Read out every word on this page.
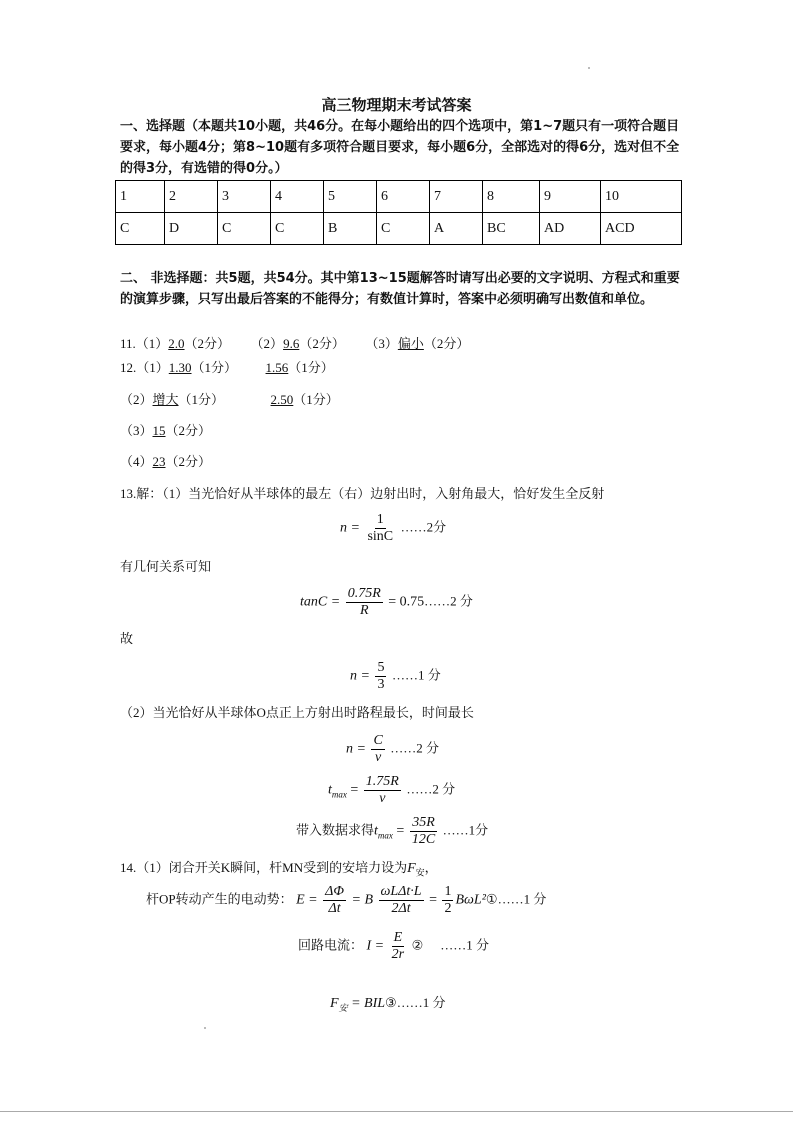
高三物理期末考试答案
一、选择题（本题共10小题，共46分。在每小题给出的四个选项中，第1~7题只有一项符合题目要求，每小题4分；第8~10题有多项符合题目要求，每小题6分，全部选对的得6分，选对但不全的得3分，有选错的得0分。）
1	2	3	4	5	6	7	8	9	10
C	D	C	C	B	C	A	BC	AD	ACD
二、 非选择题：共5题，共54分。其中第13~15题解答时请写出必要的文字说明、方程式和重要的演算步骤，只写出最后答案的不能得分；有数值计算时，答案中必须明确写出数值和单位。
11.（1）2.0（2分） （2）9.6（2分） （3）偏小（2分）
12.（1）1.30（1分） 1.56（1分）
（2）增大（1分）	2.50（1分）
（3）15（2分）
（4）23（2分）
13.解：（1）当光恰好从半球体的最左（右）边射出时，入射角最大，恰好发生全反射
$n = \frac{1}{\sin C}$ ……2分
有几何关系可知
$\tan C = \frac{0.75R}{R}$ = 0.75……2 分
故
$n = \frac{5}{3}$ ……1 分
（2）当光恰好从半球体O点正上方射出时路程最长，时间最长
$n = \frac{C}{v}$ ……2 分
$t_{max} = \frac{1.75R}{v}$ ……2 分
带入数据求得$t_{max} = \frac{35R}{12C}$ ……1分
14.（1）闭合开关K瞬间，杆MN受到的安培力设为$F_安$，
杆OP转动产生的电动势： $E = \frac{\Delta\Phi}{\Delta t} = B \frac{\text{ωLΔt·L}}{2\Delta t} = \frac{1}{2}$ BωL²①……1 分
回路电流： $I = \frac{E}{2r}$ ② ……1 分
$F_安$ = BIL③……1 分
